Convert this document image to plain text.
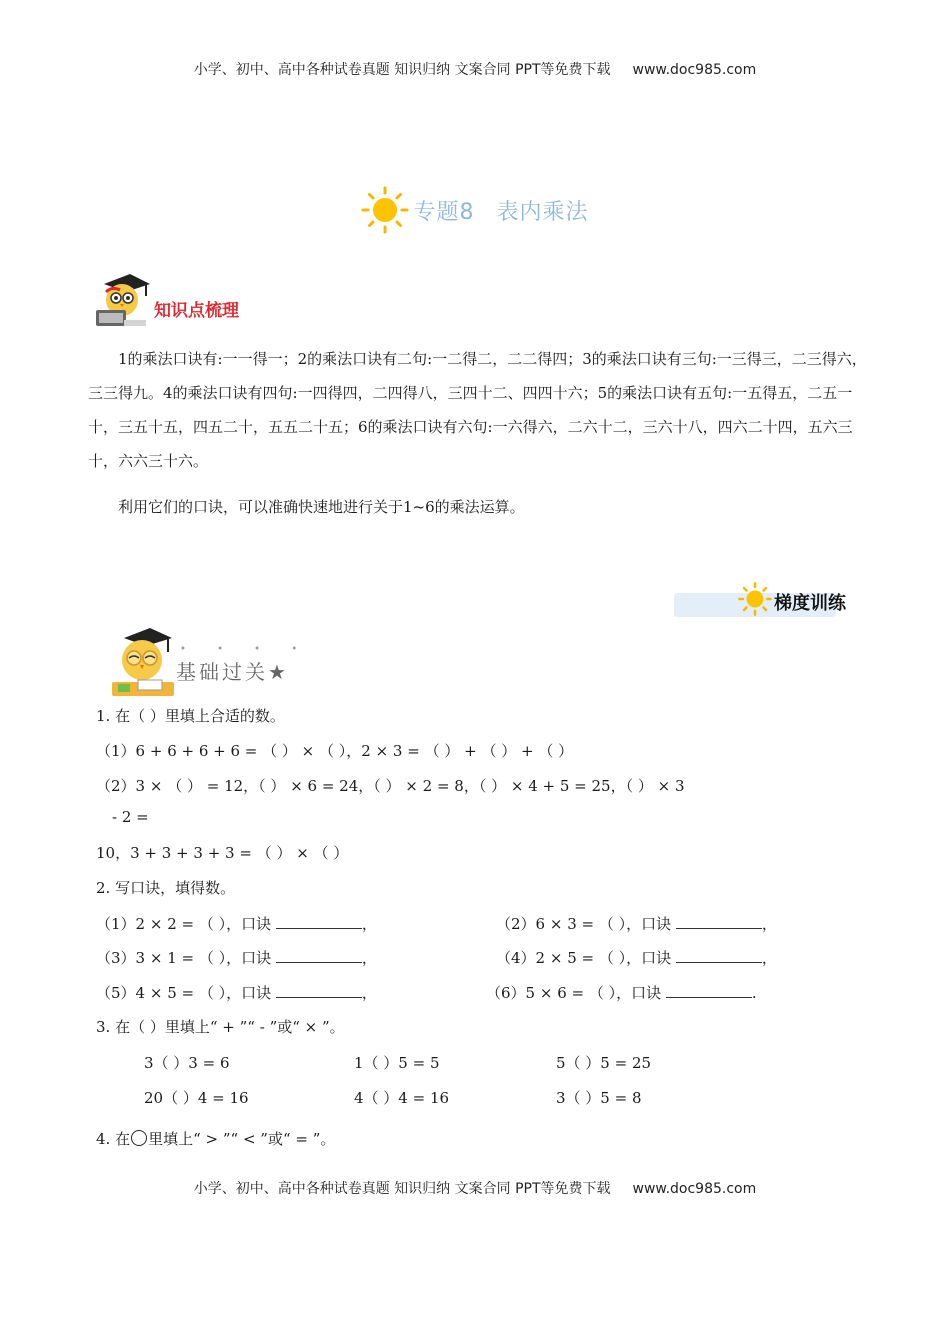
小学、初中、高中各种试卷真题 知识归纳 文案合同 PPT等免费下载 www.doc985.com
专题8 表内乘法
知识点梳理

1的乘法口诀有:一一得一；2的乘法口诀有二句:一二得二，二二得四；3的乘法口诀有三句:一三得三，二三得六，三三得九。4的乘法口诀有四句:一四得四，二四得八，三四十二、四四十六；5的乘法口诀有五句:一五得五，二五一十，三五十五，四五二十，五五二十五；6的乘法口诀有六句:一六得六，二六十二，三六十八，四六二十四，五六三十，六六三十六。

利用它们的口诀，可以准确快速地进行关于1~6的乘法运算。

梯度训练
• • • •
基础过关★
1. 在（ ）里填上合适的数。
（1）6 + 6 + 6 + 6 = （ ） × （ ），2 × 3 = （ ） + （ ） + （ ）
（2）3 × （ ） = 12，（ ） × 6 = 24，（ ） × 2 = 8，（ ） × 4 + 5 = 25，（ ） × 3
- 2 =
10，3 + 3 + 3 + 3 = （ ） × （ ）
2. 写口诀，填得数。
（1）2 × 2 = （ ），口诀	，	（2）6 × 3 = （ ），口诀	，
（3）3 × 1 = （ ），口诀	，	（4）2 × 5 = （ ），口诀	，
（5）4 × 5 = （ ），口诀	，	（6）5 × 6 = （ ），口诀	.
3. 在（ ）里填上“ + ”“ - ”或“ × ”。
3（ ）3 = 6	1（ ）5 = 5	5（ ）5 = 25
20（ ）4 = 16	4（ ）4 = 16	3（ ）5 = 8
4. 在 里填上“ > ”“ < ”或“ = ”。
小学、初中、高中各种试卷真题 知识归纳 文案合同 PPT等免费下载 www.doc985.com
